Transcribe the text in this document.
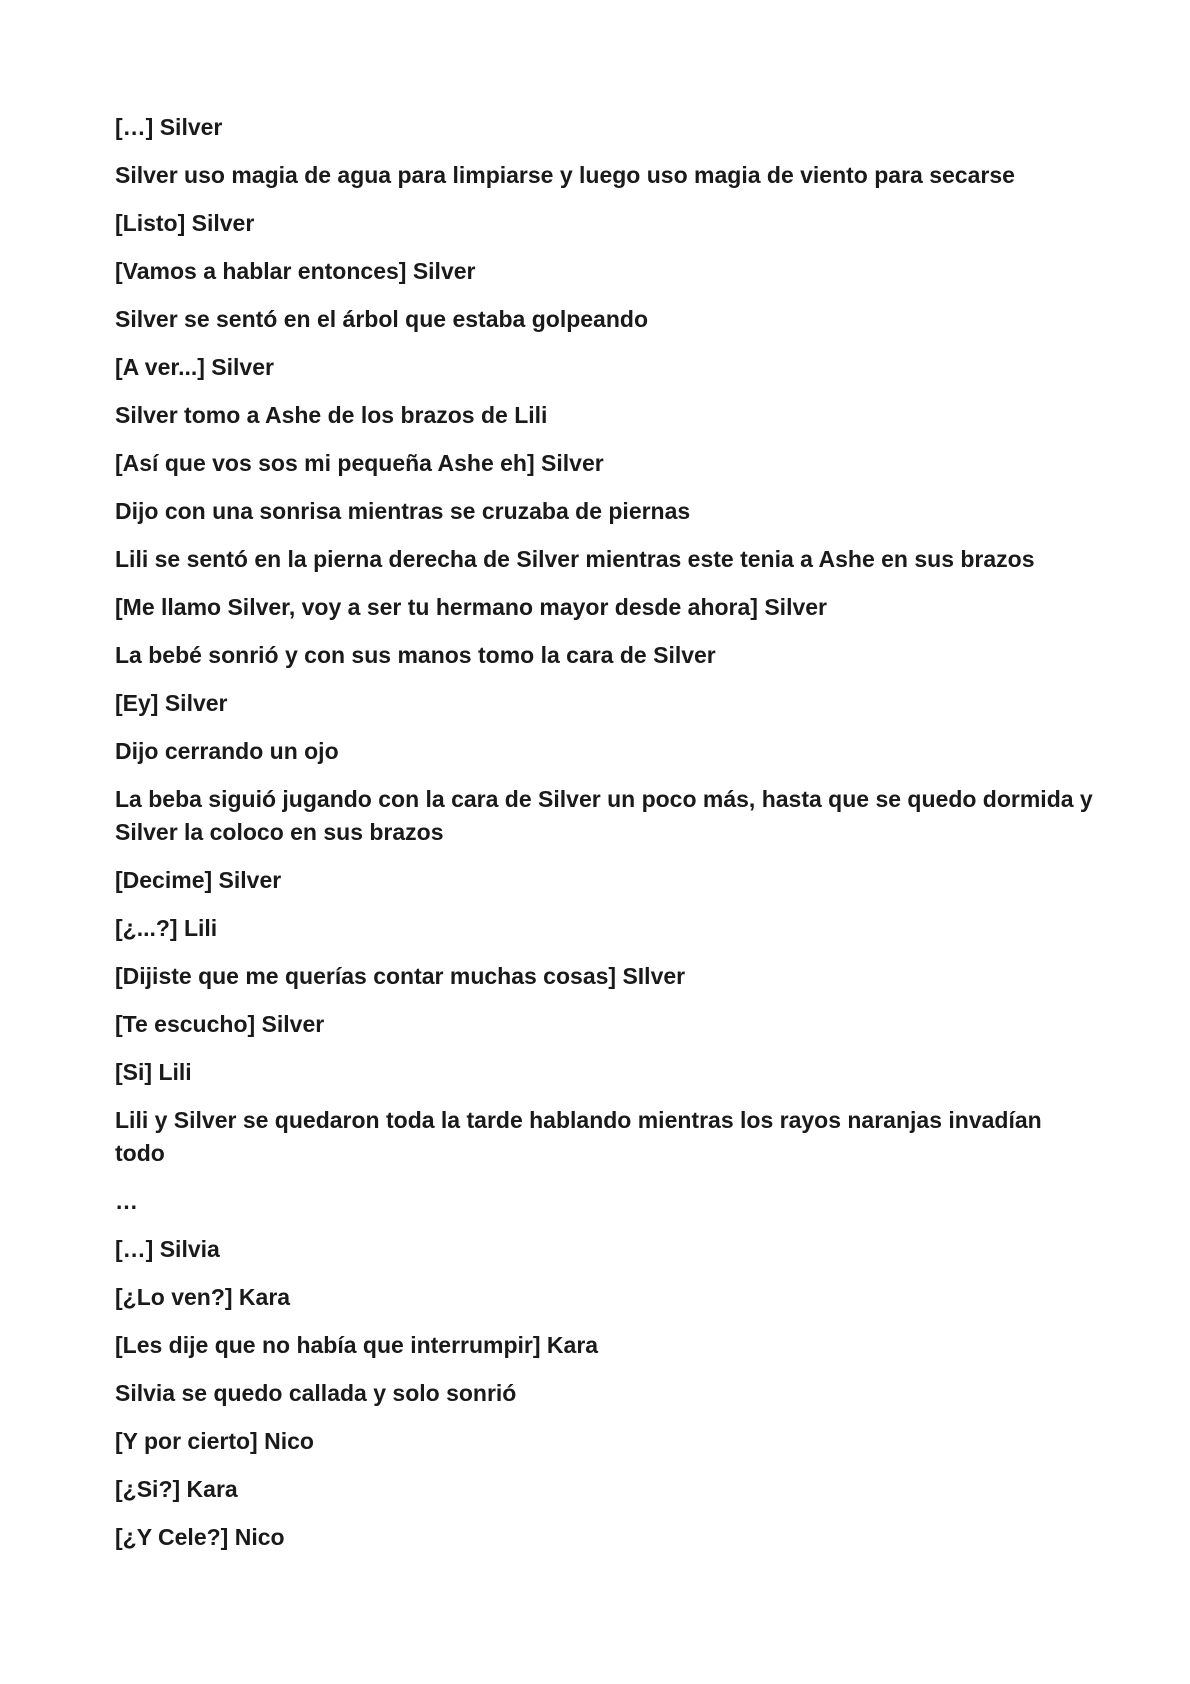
[…] Silver

Silver uso magia de agua para limpiarse y luego uso magia de viento para secarse

[Listo] Silver

[Vamos a hablar entonces] Silver

Silver se sentó en el árbol que estaba golpeando

[A ver...] Silver

Silver tomo a Ashe de los brazos de Lili

[Así que vos sos mi pequeña Ashe eh] Silver

Dijo con una sonrisa mientras se cruzaba de piernas

Lili se sentó en la pierna derecha de Silver mientras este tenia a Ashe en sus brazos

[Me llamo Silver, voy a ser tu hermano mayor desde ahora] Silver

La bebé sonrió y con sus manos tomo la cara de Silver

[Ey] Silver

Dijo cerrando un ojo

La beba siguió jugando con la cara de Silver un poco más, hasta que se quedo dormida y Silver la coloco en sus brazos

[Decime] Silver

[¿...?] Lili

[Dijiste que me querías contar muchas cosas] SIlver

[Te escucho] Silver

[Si] Lili

Lili y Silver se quedaron toda la tarde hablando mientras los rayos naranjas invadían todo

…

[…] Silvia

[¿Lo ven?] Kara

[Les dije que no había que interrumpir] Kara

Silvia se quedo callada y solo sonrió

[Y por cierto] Nico

[¿Si?] Kara

[¿Y Cele?] Nico
